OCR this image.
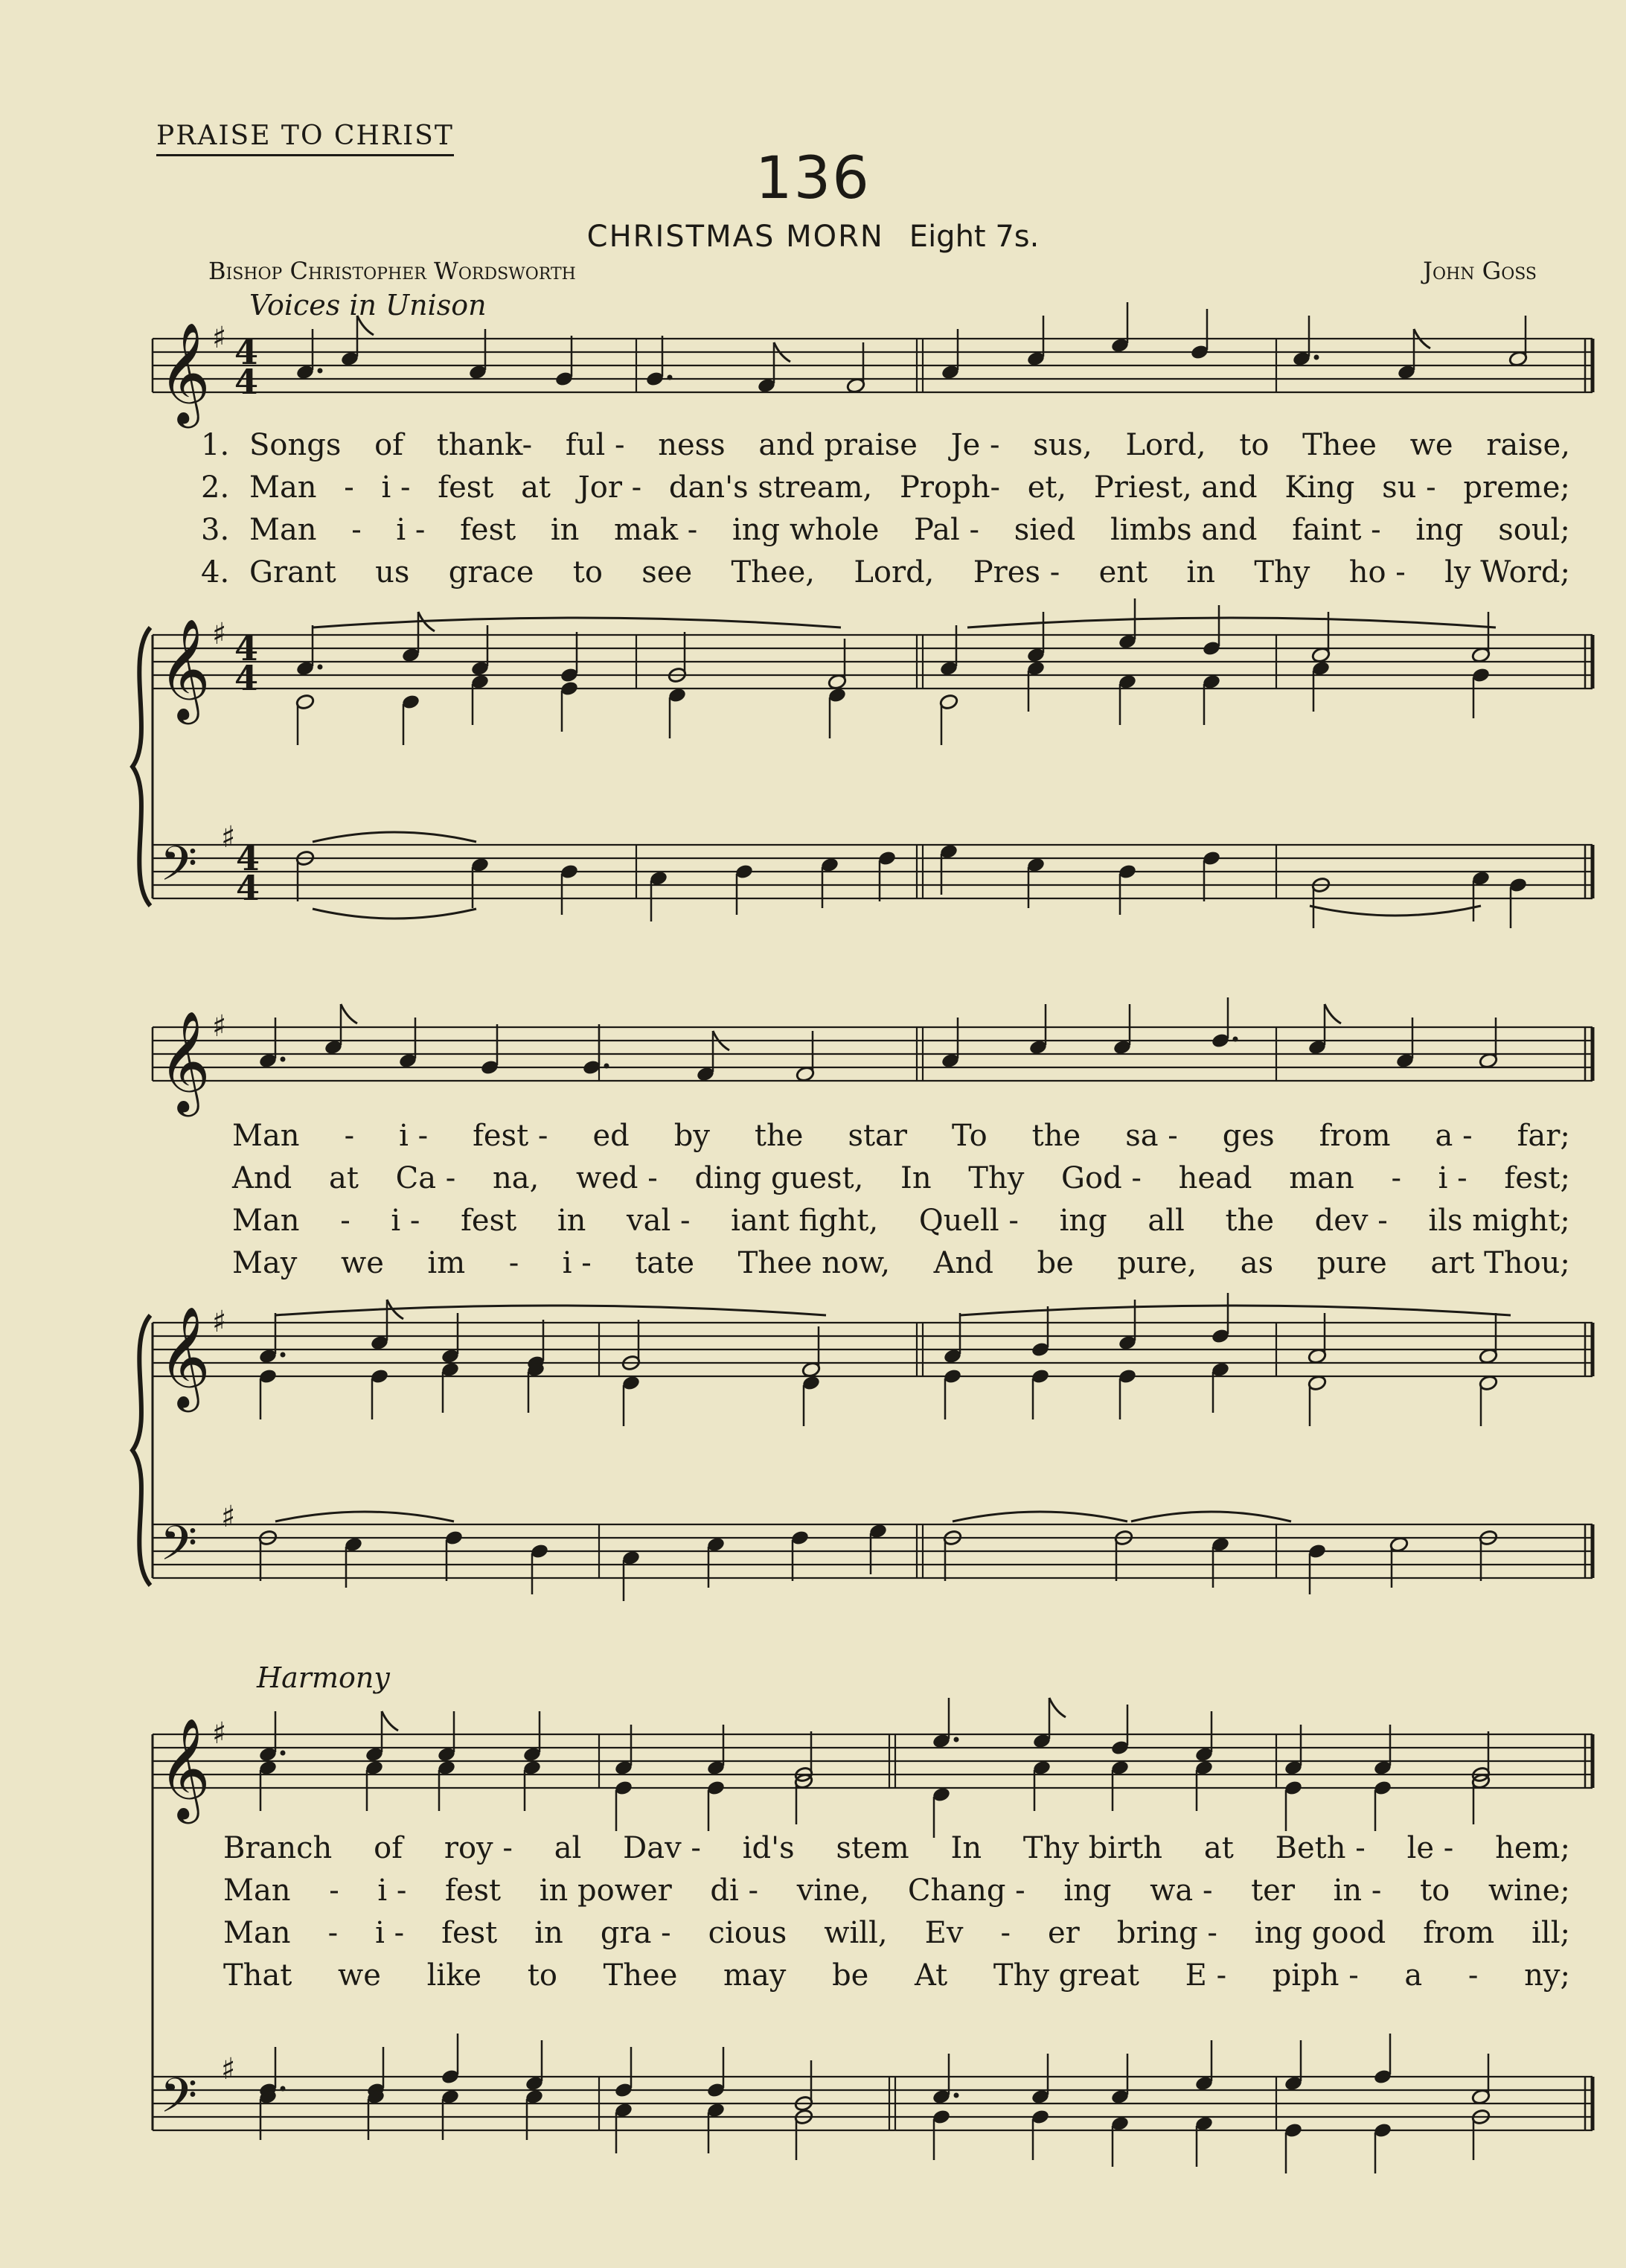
PRAISE TO CHRIST
136
CHRISTMAS MORN Eight 7s.
Bishop Christopher Wordsworth	John Goss
Voices in Unison
Harmony
𝄞 ♯ 4
4
𝄞 ♯ 4
4
𝄢 ♯
4
4
𝄞 ♯
𝄞 ♯
𝄢 ♯
𝄞 ♯
𝄢 ♯
Songs of thank- ful - ness and praise Je - sus, Lord, to Thee we raise,
1.
Man - i - fest at Jor - dan's stream, Proph- et, Priest, and King su - preme;
2.
Man - i - fest in mak - ing whole Pal - sied limbs and faint - ing soul;
3.
Grant us grace to see Thee, Lord, Pres - ent in Thy ho - ly Word;
4.
Man - i - fest - ed by the star To the sa - ges from a - far;
And at Ca - na, wed - ding guest, In Thy God - head man - i - fest;
Man - i - fest in val - iant fight, Quell - ing all the dev - ils might;
May we im - i - tate Thee now, And be pure, as pure art Thou;
Branch of roy - al Dav - id's stem In Thy birth at Beth - le - hem;
Man - i - fest in power di - vine, Chang - ing wa - ter in - to wine;
Man - i - fest in gra - cious will, Ev - er bring - ing good from ill;
That we like to Thee may be At Thy great E - piph - a - ny;
